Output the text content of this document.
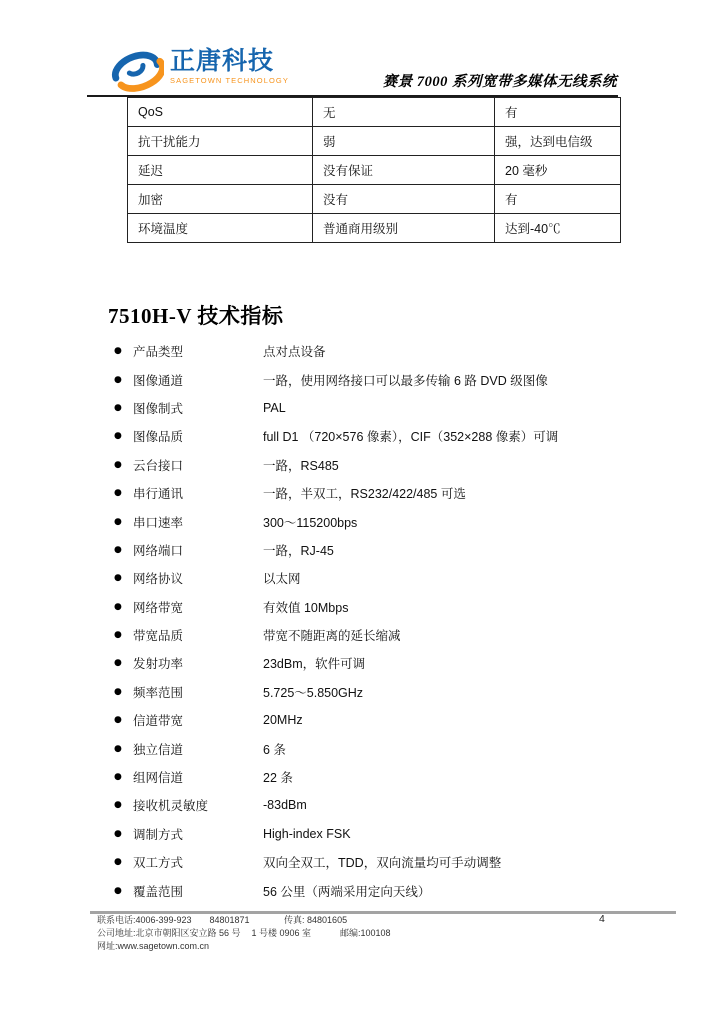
正唐科技
SAGETOWN TECHNOLOGY	赛景 7000 系列宽带多媒体无线系统
QoS	无	有
抗干扰能力	弱	强，达到电信级
延迟	没有保证	20 毫秒
加密	没有	有
环境温度	普通商用级别	达到-40℃
7510H-V 技术指标
● 产品类型	点对点设备
● 图像通道	一路，使用网络接口可以最多传输 6 路 DVD 级图像
● 图像制式	PAL
● 图像品质	full D1 （720×576 像素），CIF（352×288 像素）可调
● 云台接口	一路，RS485
● 串行通讯	一路，半双工，RS232/422/485 可选
● 串口速率	300～115200bps
● 网络端口	一路，RJ-45
● 网络协议	以太网
● 网络带宽	有效值 10Mbps
● 带宽品质	带宽不随距离的延长缩减
● 发射功率	23dBm，软件可调
● 频率范围	5.725～5.850GHz
● 信道带宽	20MHz
● 独立信道	6 条
● 组网信道	22 条
● 接收机灵敏度	-83dBm
● 调制方式	High-index FSK
● 双工方式	双向全双工，TDD，双向流量均可手动调整
● 覆盖范围	56 公里（两端采用定向天线）
联系电话:4006-399-923 84801871	传真: 84801605
公司地址:北京市朝阳区安立路 56 号 1 号楼 0906 室	邮编:100108
网址:www.sagetown.com.cn
4
